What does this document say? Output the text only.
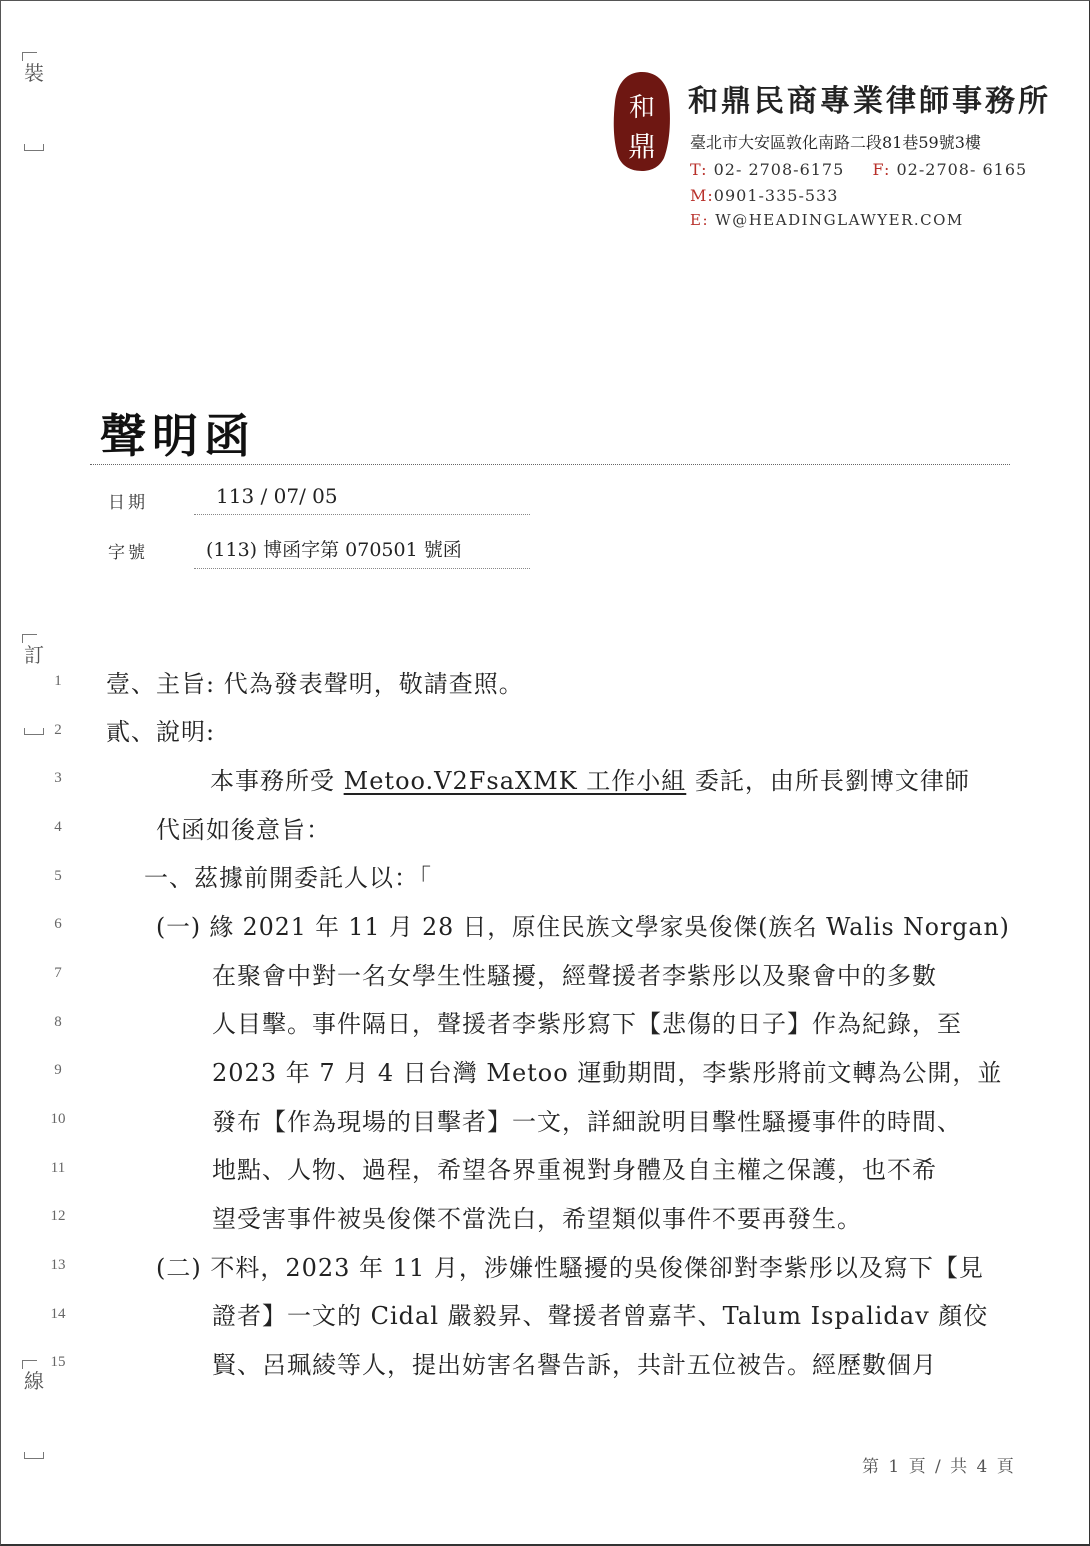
裝
訂
線
和
鼎
和鼎民商專業律師事務所
臺北市大安區敦化南路二段81巷59號3樓
T: 02- 2708-6175 F: 02-2708- 6165
M:0901-335-533
E: W@HEADINGLAWYER.COM
聲明函
日期	113 / 07/ 05
字號	(113) 博函字第 070501 號函
1
2
3
4
5
6
7
8
9
10
11
12
13
14
15
壹、主旨: 代為發表聲明，敬請查照。
貳、說明:
本事務所受 Metoo.V2FsaXMK 工作小組 委託，由所長劉博文律師
代函如後意旨：
一、茲據前開委託人以：「
(一) 緣 2021 年 11 月 28 日，原住民族文學家吳俊傑(族名 Walis Norgan)
在聚會中對一名女學生性騷擾，經聲援者李紫彤以及聚會中的多數
人目擊。事件隔日，聲援者李紫彤寫下【悲傷的日子】作為紀錄，至
2023 年 7 月 4 日台灣 Metoo 運動期間，李紫彤將前文轉為公開，並
發布【作為現場的目擊者】一文，詳細說明目擊性騷擾事件的時間、
地點、人物、過程，希望各界重視對身體及自主權之保護，也不希
望受害事件被吳俊傑不當洗白，希望類似事件不要再發生。
(二) 不料，2023 年 11 月，涉嫌性騷擾的吳俊傑卻對李紫彤以及寫下【見
證者】一文的 Cidal 嚴毅昇、聲援者曾嘉芊、Talum Ispalidav 顏佼
賢、呂珮綾等人，提出妨害名譽告訴，共計五位被告。經歷數個月
第 1 頁 / 共 4 頁
